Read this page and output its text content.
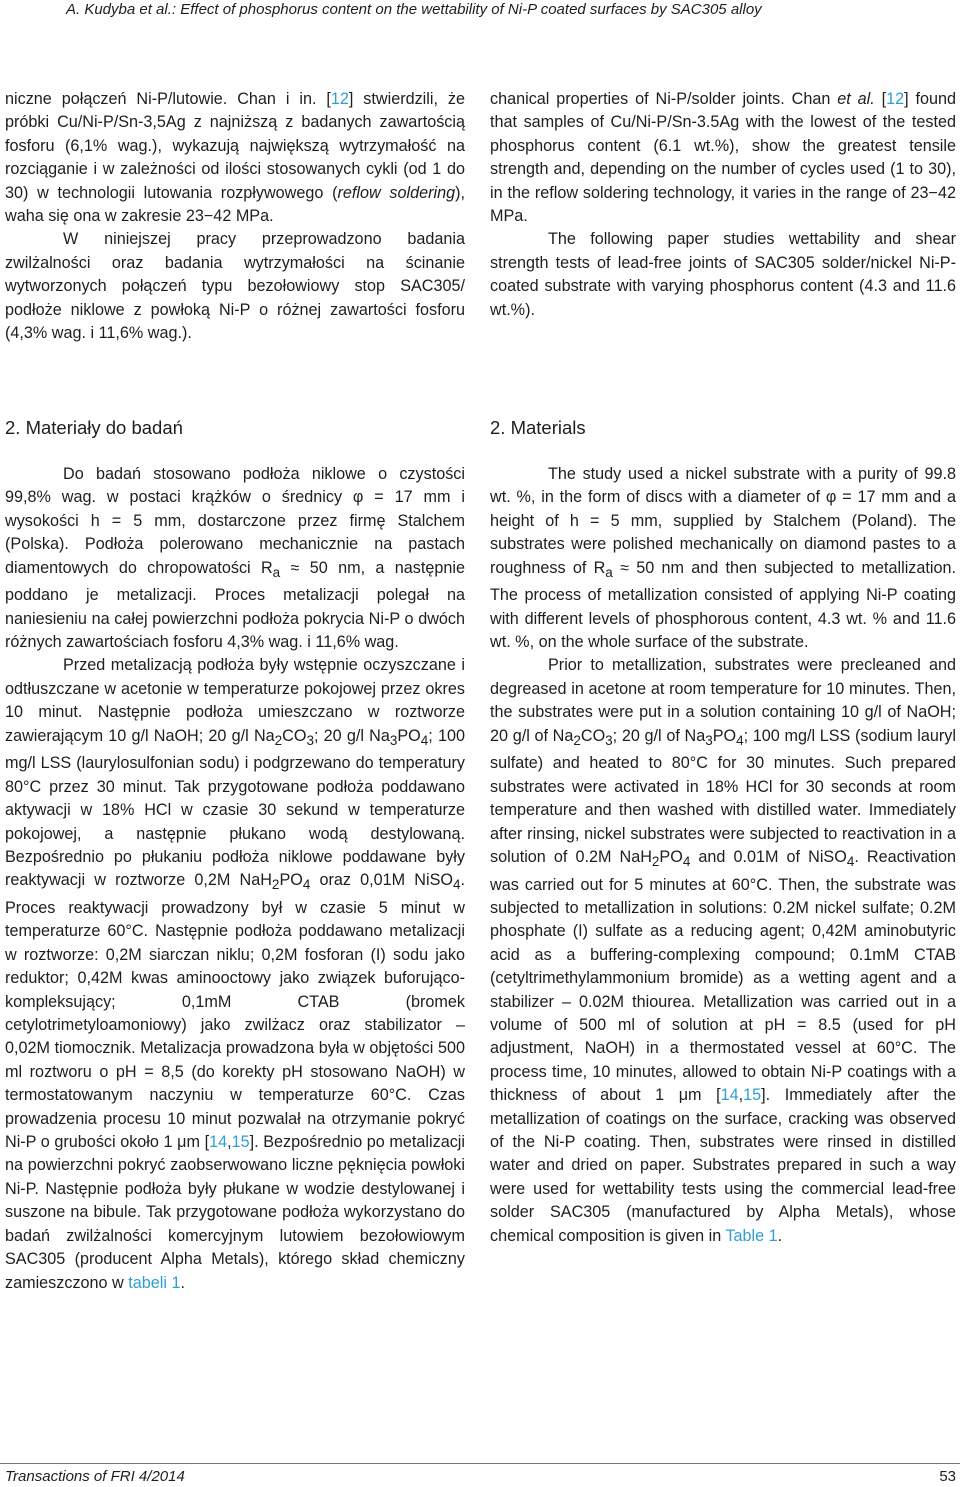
A. Kudyba et al.: Effect of phosphorus content on the wettability of Ni-P coated surfaces by SAC305 alloy

niczne połączeń Ni-P/lutowie. Chan i in. [12] stwierdzili, że próbki Cu/Ni-P/Sn-3,5Ag z najniższą z badanych zawartością fosforu (6,1% wag.), wykazują największą wytrzymałość na rozciąganie i w zależności od ilości stosowanych cykli (od 1 do 30) w technologii lutowania rozpływowego (reflow soldering), waha się ona w zakresie 23−42 MPa.

W niniejszej pracy przeprowadzono badania zwilżalności oraz badania wytrzymałości na ścinanie wytworzonych połączeń typu bezołowiowy stop SAC305/ podłoże niklowe z powłoką Ni-P o różnej zawartości fosforu (4,3% wag. i 11,6% wag.).

chanical properties of Ni-P/solder joints. Chan et al. [12] found that samples of Cu/Ni-P/Sn-3.5Ag with the lowest of the tested phosphorus content (6.1 wt.%), show the greatest tensile strength and, depending on the number of cycles used (1 to 30), in the reflow soldering technology, it varies in the range of 23−42 MPa.

The following paper studies wettability and shear strength tests of lead-free joints of SAC305 solder/nickel Ni-P-coated substrate with varying phosphorus content (4.3 and 11.6 wt.%).

2. Materiały do badań	2. Materials

Do badań stosowano podłoża niklowe o czystości 99,8% wag. w postaci krążków o średnicy φ = 17 mm i wysokości h = 5 mm, dostarczone przez firmę Stalchem (Polska). Podłoża polerowano mechanicznie na pastach diamentowych do chropowatości $R_a \approx 50$ nm, a następnie poddano je metalizacji. Proces metalizacji polegał na naniesieniu na całej powierzchni podłoża pokrycia Ni-P o dwóch różnych zawartościach fosforu 4,3% wag. i 11,6% wag.

Przed metalizacją podłoża były wstępnie oczyszczane i odtłuszczane w acetonie w temperaturze pokojowej przez okres 10 minut. Następnie podłoża umieszczano w roztworze zawierającym 10 g/l NaOH; 20 g/l $Na_2CO_3$; 20 g/l $Na_3PO_4$; 100 mg/l LSS (laurylosulfonian sodu) i podgrzewano do temperatury 80°C przez 30 minut. Tak przygotowane podłoża poddawano aktywacji w 18% HCl w czasie 30 sekund w temperaturze pokojowej, a następnie płukano wodą destylowaną. Bezpośrednio po płukaniu podłoża niklowe poddawane były reaktywacji w roztworze 0,2M $NaH_2PO_4$ oraz 0,01M NiSO$_4$. Proces reaktywacji prowadzony był w czasie 5 minut w temperaturze 60°C. Następnie podłoża poddawano metalizacji w roztworze: 0,2M siarczan niklu; 0,2M fosforan (I) sodu jako reduktor; 0,42M kwas aminooctowy jako związek buforująco-kompleksujący; 0,1mM CTAB (bromek cetylotrimetyloamoniowy) jako zwilżacz oraz stabilizator – 0,02M tiomocznik. Metalizacja prowadzona była w objętości 500 ml roztworu o pH = 8,5 (do korekty pH stosowano NaOH) w termostatowanym naczyniu w temperaturze 60°C. Czas prowadzenia procesu 10 minut pozwalał na otrzymanie pokryć Ni-P o grubości około 1 μm [14,15]. Bezpośrednio po metalizacji na powierzchni pokryć zaobserwowano liczne pęknięcia powłoki Ni-P. Następnie podłoża były płukane w wodzie destylowanej i suszone na bibule. Tak przygotowane podłoża wykorzystano do badań zwilżalności komercyjnym lutowiem bezołowiowym SAC305 (producent Alpha Metals), którego skład chemiczny zamieszczono w tabeli 1.

The study used a nickel substrate with a purity of 99.8 wt. %, in the form of discs with a diameter of φ = 17 mm and a height of h = 5 mm, supplied by Stalchem (Poland). The substrates were polished mechanically on diamond pastes to a roughness of $R_a \approx 50$ nm and then subjected to metallization. The process of metallization consisted of applying Ni-P coating with different levels of phosphorous content, 4.3 wt. % and 11.6 wt. %, on the whole surface of the substrate.

Prior to metallization, substrates were precleaned and degreased in acetone at room temperature for 10 minutes. Then, the substrates were put in a solution containing 10 g/l of NaOH; 20 g/l of $Na_2CO_3$; 20 g/l of $Na_3PO_4$; 100 mg/l LSS (sodium lauryl sulfate) and heated to 80°C for 30 minutes. Such prepared substrates were activated in 18% HCl for 30 seconds at room temperature and then washed with distilled water. Immediately after rinsing, nickel substrates were subjected to reactivation in a solution of 0.2M $NaH_2PO_4$ and 0.01M of NiSO$_4$. Reactivation was carried out for 5 minutes at 60°C. Then, the substrate was subjected to metallization in solutions: 0.2M nickel sulfate; 0.2M phosphate (I) sulfate as a reducing agent; 0,42M aminobutyric acid as a buffering-complexing compound; 0.1mM CTAB (cetyltrimethylammonium bromide) as a wetting agent and a stabilizer – 0.02M thiourea. Metallization was carried out in a volume of 500 ml of solution at pH = 8.5 (used for pH adjustment, NaOH) in a thermostated vessel at 60°C. The process time, 10 minutes, allowed to obtain Ni-P coatings with a thickness of about 1 μm [14,15]. Immediately after the metallization of coatings on the surface, cracking was observed of the Ni-P coating. Then, substrates were rinsed in distilled water and dried on paper. Substrates prepared in such a way were used for wettability tests using the commercial lead-free solder SAC305 (manufactured by Alpha Metals), whose chemical composition is given in Table 1.

Transactions of FRI 4/2014	53
